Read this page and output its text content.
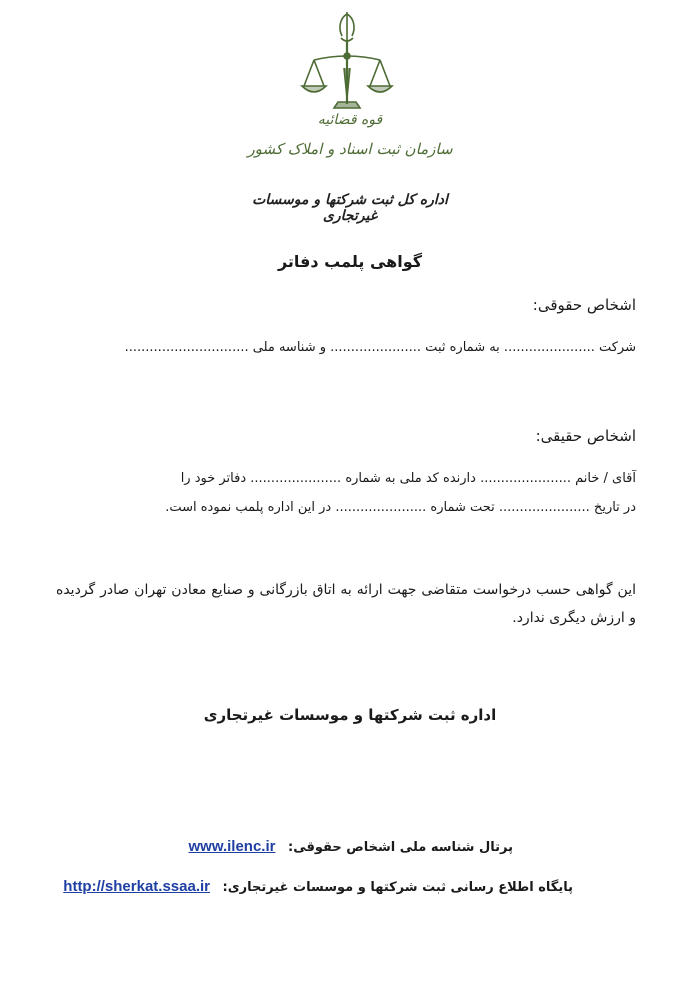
قوه قضائیه
سازمان ثبت اسناد و املاک کشور
اداره کل ثبت شرکتها و موسسات غیرتجاری
گواهی پلمب دفاتر
اشخاص حقوقی:
شرکت ...................... به شماره ثبت ...................... و شناسه ملی ..............................
اشخاص حقیقی:
آقای / خانم ...................... دارنده کد ملی به شماره ...................... دفاتر خود را
در تاریخ ...................... تحت شماره ...................... در این اداره پلمب نموده است.
این گواهی حسب درخواست متقاضی جهت ارائه به اتاق بازرگانی و صنایع معادن تهران صادر گردیده و ارزش دیگری ندارد.
اداره ثبت شرکتها و موسسات غیرتجاری
پرتال شناسه ملی اشخاص حقوقی: www.ilenc.ir
پایگاه اطلاع رسانی ثبت شرکتها و موسسات غیرتجاری: http://sherkat.ssaa.ir
